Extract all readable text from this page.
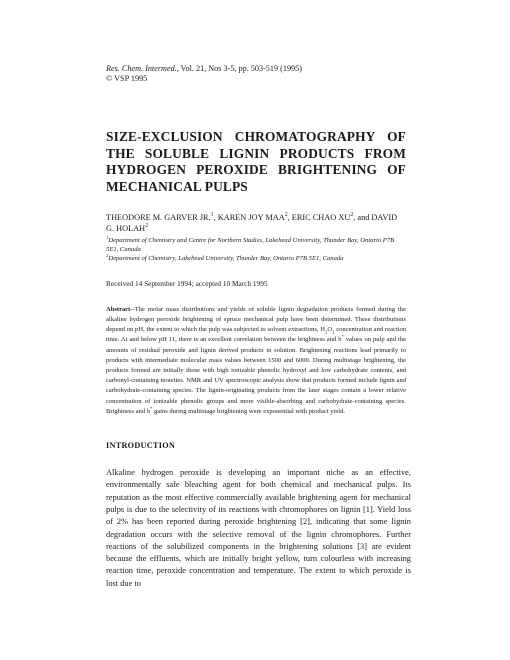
Res. Chem. Intermed., Vol. 21, Nos 3-5, pp. 503-519 (1995)

© VSP 1995

SIZE-EXCLUSION CHROMATOGRAPHY OF THE SOLUBLE LIGNIN PRODUCTS FROM HYDROGEN PEROXIDE BRIGHTENING OF MECHANICAL PULPS

THEODORE M. GARVER JR.$^1$, KAREN JOY MAA$^2$, ERIC CHAO $XU^2$, and DAVID G. HOLAH$^2$

$^1$Department of Chemistry and Centre for Northern Studies, Lakehead University, Thunder Bay, Ontario P7B 5E1, Canada

$^2$Department of Chemistry, Lakehead University, Thunder Bay, Ontario P7B 5E1, Canada

Received 14 September 1994; accepted 10 March 1995

Abstract--The molar mass distributions and yields of soluble lignin degradation products formed during the alkaline hydrogen peroxide brightening of spruce mechanical pulp have been determined. These distributions depend on pH, the extent to which the pulp was subjected to solvent extractions, $H_2O_2$ concentration and reaction time. At and below pH 11, there is an excellent correlation between the brightness and b* values on pulp and the amounts of residual peroxide and lignin derived products in solution. Brightening reactions lead primarily to products with intermediate molecular mass values between 1500 and 6000. During multistage brightening, the products formed are initially those with high ionizable phenolic hydroxyl and low carbohydrate contents, and carbonyl-containing moieties. NMR and UV spectroscopic analysis show that products formed include lignin and carbohydrate-containing species. The lignin-originating products from the later stages contain a lower relative concentration of ionizable phenolic groups and more visible-absorbing and carbohydrate-containing species. Brightness and b* gains during multistage brightening were exponential with product yield.

INTRODUCTION

Alkaline hydrogen peroxide is developing an important niche as an effective, environmentally safe bleaching agent for both chemical and mechanical pulps. Its reputation as the most effective commercially available brightening agent for mechanical pulps is due to the selectivity of its reactions with chromophores on lignin [1]. Yield loss of 2% has been reported during peroxide brightening [2], indicating that some lignin degradation occurs with the selective removal of the lignin chromophores. Further reactions of the solubilized components in the brightening solutions [3] are evident because the effluents, which are initially bright yellow, turn colourless with increasing reaction time, peroxide concentration and temperature. The extent to which peroxide is lost due to
